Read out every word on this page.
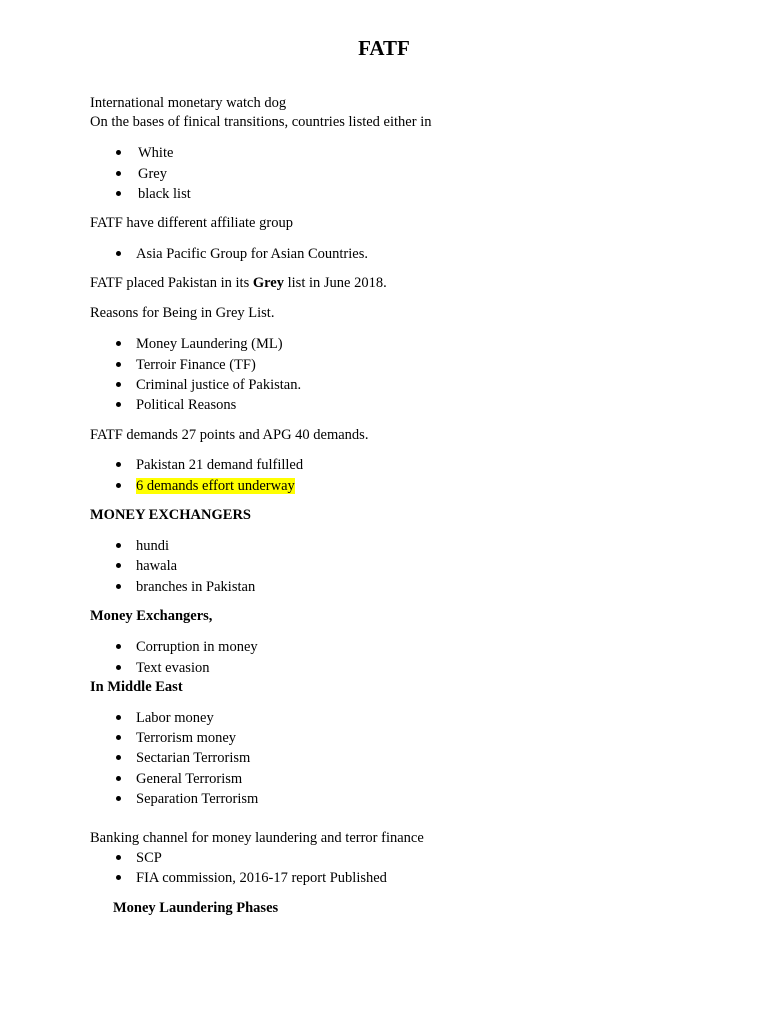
FATF
International monetary watch dog
On the bases of finical transitions, countries listed either in
White
Grey
black list
FATF have different affiliate group
Asia Pacific Group for Asian Countries.
FATF placed Pakistan in its Grey list in June 2018.
Reasons for Being in Grey List.
Money Laundering (ML)
Terroir Finance (TF)
Criminal justice of Pakistan.
Political Reasons
FATF demands 27 points and APG 40 demands.
Pakistan 21 demand fulfilled
6 demands effort underway
MONEY EXCHANGERS
hundi
hawala
branches in Pakistan
Money Exchangers,
Corruption in money
Text evasion
In Middle East
Labor money
Terrorism money
Sectarian Terrorism
General Terrorism
Separation Terrorism
Banking channel for money laundering and terror finance
SCP
FIA commission, 2016-17 report Published
Money Laundering Phases
